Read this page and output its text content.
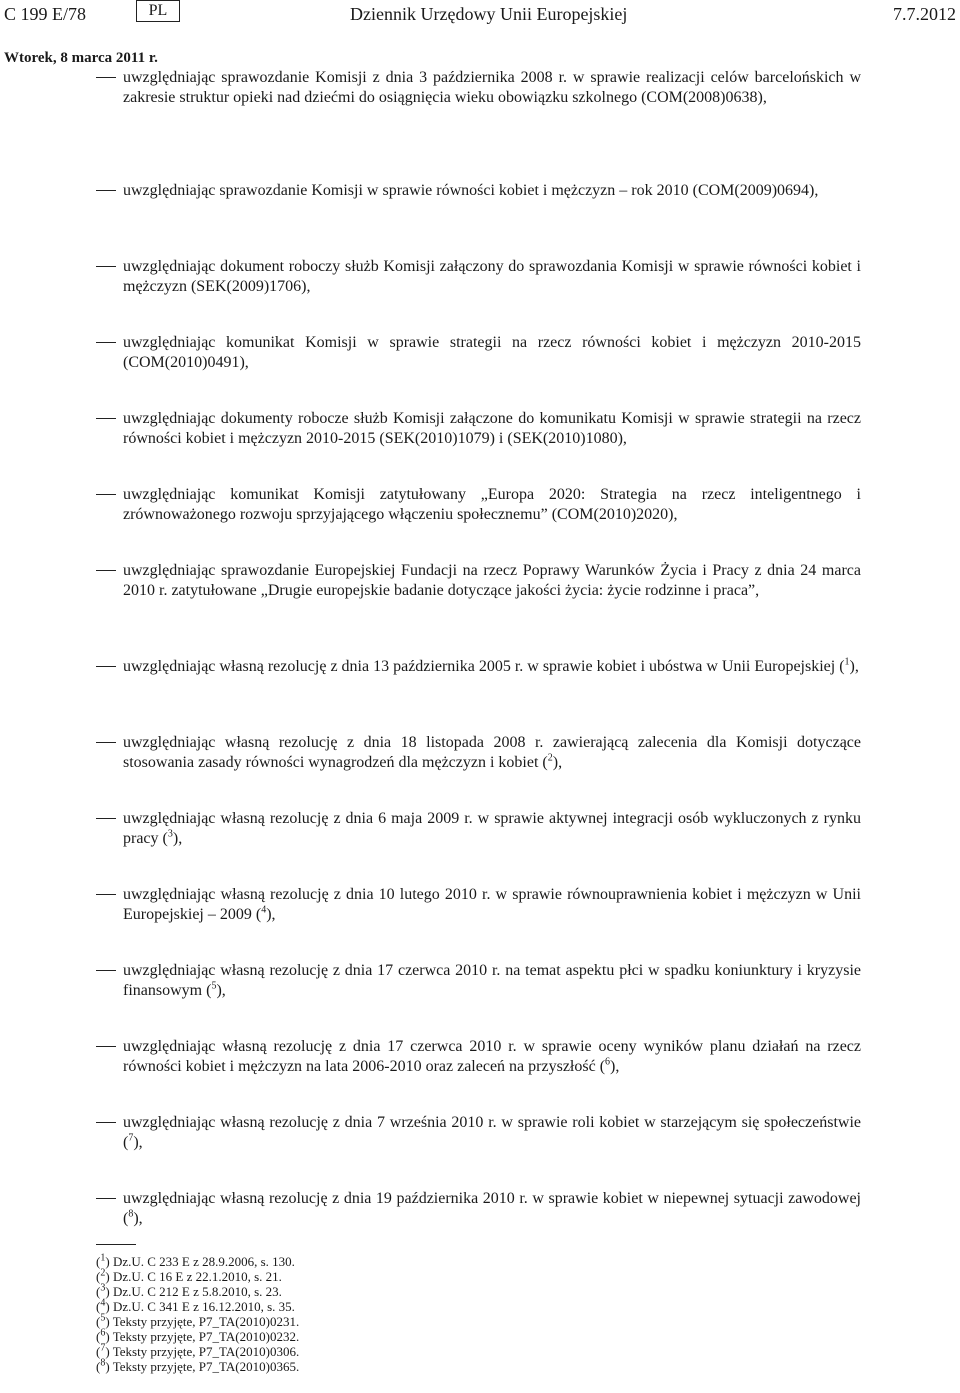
C 199 E/78	PL	Dziennik Urzędowy Unii Europejskiej	7.7.2012
Wtorek, 8 marca 2011 r.
uwzględniając sprawozdanie Komisji z dnia 3 października 2008 r. w sprawie realizacji celów barcelońskich w zakresie struktur opieki nad dziećmi do osiągnięcia wieku obowiązku szkolnego (COM(2008)0638),
uwzględniając sprawozdanie Komisji w sprawie równości kobiet i mężczyzn – rok 2010 (COM(2009)0694),
uwzględniając dokument roboczy służb Komisji załączony do sprawozdania Komisji w sprawie równości kobiet i mężczyzn (SEK(2009)1706),
uwzględniając komunikat Komisji w sprawie strategii na rzecz równości kobiet i mężczyzn 2010-2015 (COM(2010)0491),
uwzględniając dokumenty robocze służb Komisji załączone do komunikatu Komisji w sprawie strategii na rzecz równości kobiet i mężczyzn 2010-2015 (SEK(2010)1079) i (SEK(2010)1080),
uwzględniając komunikat Komisji zatytułowany „Europa 2020: Strategia na rzecz inteligentnego i zrównoważonego rozwoju sprzyjającego włączeniu społecznemu” (COM(2010)2020),
uwzględniając sprawozdanie Europejskiej Fundacji na rzecz Poprawy Warunków Życia i Pracy z dnia 24 marca 2010 r. zatytułowane „Drugie europejskie badanie dotyczące jakości życia: życie rodzinne i praca”,
uwzględniając własną rezolucję z dnia 13 października 2005 r. w sprawie kobiet i ubóstwa w Unii Europejskiej ($^1$),
uwzględniając własną rezolucję z dnia 18 listopada 2008 r. zawierającą zalecenia dla Komisji dotyczące stosowania zasady równości wynagrodzeń dla mężczyzn i kobiet ($^2$),
uwzględniając własną rezolucję z dnia 6 maja 2009 r. w sprawie aktywnej integracji osób wykluczonych z rynku pracy ($^3$),
uwzględniając własną rezolucję z dnia 10 lutego 2010 r. w sprawie równouprawnienia kobiet i mężczyzn w Unii Europejskiej – 2009 ($^4$),
uwzględniając własną rezolucję z dnia 17 czerwca 2010 r. na temat aspektu płci w spadku koniunktury i kryzysie finansowym ($^5$),
uwzględniając własną rezolucję z dnia 17 czerwca 2010 r. w sprawie oceny wyników planu działań na rzecz równości kobiet i mężczyzn na lata 2006-2010 oraz zaleceń na przyszłość ($^6$),
uwzględniając własną rezolucję z dnia 7 września 2010 r. w sprawie roli kobiet w starzejącym się społeczeństwie ($^7$),
uwzględniając własną rezolucję z dnia 19 października 2010 r. w sprawie kobiet w niepewnej sytuacji zawodowej ($^8$),
($^1$) Dz.U. C 233 E z 28.9.2006, s. 130.
($^2$) Dz.U. C 16 E z 22.1.2010, s. 21.
($^3$) Dz.U. C 212 E z 5.8.2010, s. 23.
($^4$) Dz.U. C 341 E z 16.12.2010, s. 35.
($^5$) Teksty przyjęte, P7_TA(2010)0231.
($^6$) Teksty przyjęte, P7_TA(2010)0232.
($^7$) Teksty przyjęte, P7_TA(2010)0306.
($^8$) Teksty przyjęte, P7_TA(2010)0365.
